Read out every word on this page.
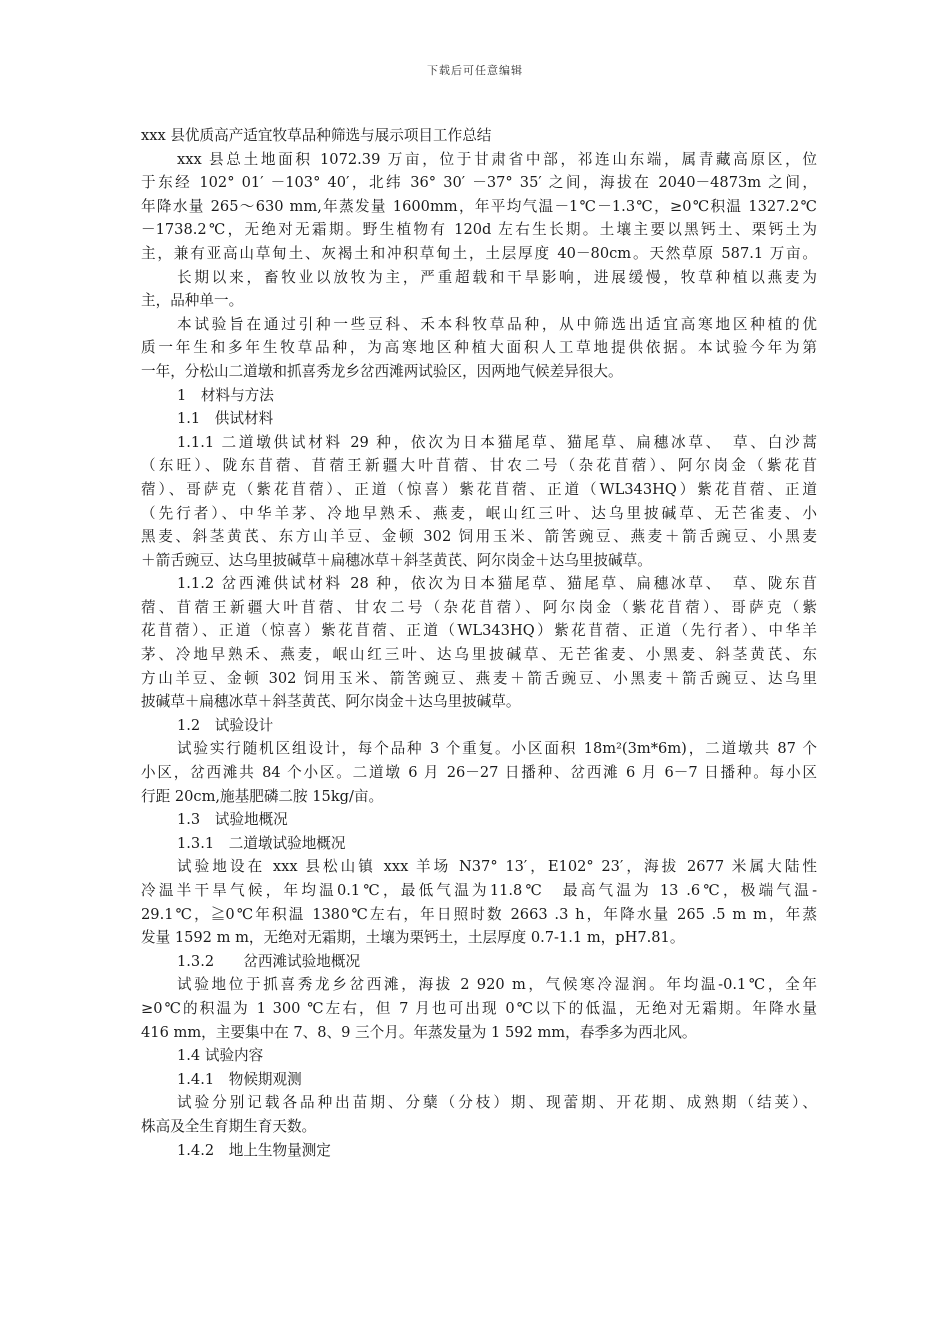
下载后可任意编辑
xxx 县优质高产适宜牧草品种筛选与展示项目工作总结
xxx 县总土地面积 1072.39 万亩，位于甘肃省中部，祁连山东端，属青藏高原区，位
于东经 102° 01′ －103° 40′，北纬 36° 30′ －37° 35′ 之间，海拔在 2040－4873m 之间，
年降水量 265～630 mm,年蒸发量 1600mm，年平均气温－1℃－1.3℃，≥0℃积温 1327.2℃
－1738.2℃，无绝对无霜期。野生植物有 120d 左右生长期。土壤主要以黑钙土、栗钙土为
主，兼有亚高山草甸土、灰褐土和冲积草甸土，土层厚度 40－80cm。天然草原 587.1 万亩。
长期以来，畜牧业以放牧为主，严重超载和干旱影响，进展缓慢，牧草种植以燕麦为
主，品种单一。
本试验旨在通过引种一些豆科、禾本科牧草品种，从中筛选出适宜高寒地区种植的优
质一年生和多年生牧草品种，为高寒地区种植大面积人工草地提供依据。本试验今年为第
一年，分松山二道墩和抓喜秀龙乡岔西滩两试验区，因两地气候差异很大。
1　材料与方法
1.1　供试材料
1.1.1 二道墩供试材料 29 种，依次为日本猫尾草、猫尾草、扁穗冰草、　草、白沙蒿
（东旺）、陇东苜蓿、苜蓿王新疆大叶苜蓿、甘农二号（杂花苜蓿）、阿尔岗金（紫花苜
蓿）、哥萨克（紫花苜蓿）、正道（惊喜）紫花苜蓿、正道（WL343HQ）紫花苜蓿、正道
（先行者）、中华羊茅、冷地早熟禾、燕麦，岷山红三叶、达乌里披碱草、无芒雀麦、小
黑麦、斜茎黄芪、东方山羊豆、金顿 302 饲用玉米、箭筈豌豆、燕麦＋箭舌豌豆、小黑麦
＋箭舌豌豆、达乌里披碱草＋扁穗冰草＋斜茎黄芪、阿尔岗金＋达乌里披碱草。
1.1.2 岔西滩供试材料 28 种，依次为日本猫尾草、猫尾草、扁穗冰草、　草、陇东苜
蓿、苜蓿王新疆大叶苜蓿、甘农二号（杂花苜蓿）、阿尔岗金（紫花苜蓿）、哥萨克（紫
花苜蓿）、正道（惊喜）紫花苜蓿、正道（WL343HQ）紫花苜蓿、正道（先行者）、中华羊
茅、冷地早熟禾、燕麦，岷山红三叶、达乌里披碱草、无芒雀麦、小黑麦、斜茎黄芪、东
方山羊豆、金顿 302 饲用玉米、箭筈豌豆、燕麦＋箭舌豌豆、小黑麦＋箭舌豌豆、达乌里
披碱草＋扁穗冰草＋斜茎黄芪、阿尔岗金＋达乌里披碱草。
1.2　试验设计
试验实行随机区组设计，每个品种 3 个重复。小区面积 18m²(3m*6m)，二道墩共 87 个
小区，岔西滩共 84 个小区。二道墩 6 月 26－27 日播种、岔西滩 6 月 6－7 日播种。每小区
行距 20cm,施基肥磷二胺 15kg/亩。
1.3　试验地概况
1.3.1　二道墩试验地概况
试验地设在 xxx 县松山镇 xxx 羊场 N37° 13′，E102° 23′，海拔 2677 米属大陆性
冷温半干旱气候，年均温0.1℃，最低气温为11.8℃　最高气温为 13 .6℃，极端气温-
29.1℃，≧0℃年积温 1380℃左右，年日照时数 2663 .3 h，年降水量 265 .5 m m，年蒸
发量 1592 m m，无绝对无霜期，土壤为栗钙土，土层厚度 0.7-1.1 m，pH7.81。
1.3.2　　岔西滩试验地概况
试验地位于抓喜秀龙乡岔西滩，海拔 2 920 m，气候寒冷湿润。年均温-0.1℃，全年
≥0℃的积温为 1 300 ℃左右，但 7 月也可出现 0℃以下的低温，无绝对无霜期。年降水量
416 mm，主要集中在 7、8、9 三个月。年蒸发量为 1 592 mm，春季多为西北风。
1.4 试验内容
1.4.1　物候期观测
试验分别记载各品种出苗期、分蘖（分枝）期、现蕾期、开花期、成熟期（结荚）、
株高及全生育期生育天数。
1.4.2　地上生物量测定
